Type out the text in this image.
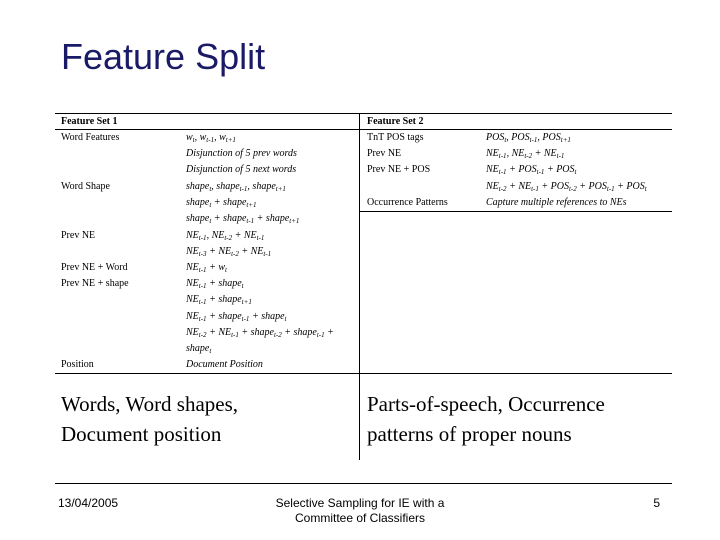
Feature Split
Feature Set 1
Word Features
Word Shape
Prev NE
Prev NE + Word
Prev NE + shape
Position
$w_t$, $w_{t-1}$, $w_{t+1}$
Disjunction of 5 prev words
Disjunction of 5 next words
shape$_t$, shape$_{t-1}$, shape$_{t+1}$
shape$_t$ + shape$_{t+1}$
shape$_t$ + shape$_{t-1}$ + shape$_{t+1}$
$NE_{t-1}$, $NE_{t-2} + NE_{t-1}$
$NE_{t-3} + NE_{t-2} + NE_{t-1}$
$NE_{t-1} + w_t$
$NE_{t-1}$ + shape$_t$
$NE_{t-1}$ + shape$_{t+1}$
$NE_{t-1}$ + shape$_{t-1}$ + shape$_t$
$NE_{t-2} + NE_{t-1}$ + shape$_{t-2}$ + shape$_{t-1}$ +
shape$_t$
Document Position
Feature Set 2
TnT POS tags
Prev NE
Prev NE + POS
Occurrence Patterns
$POS_t$, $POS_{t-1}$, $POS_{t+1}$
$NE_{t-1}$, $NE_{t-2} + NE_{t-1}$
$NE_{t-1} + POS_{t-1} + POS_t$
$NE_{t-2} + NE_{t-1} + POS_{t-2} + POS_{t-1} + POS_t$
Capture multiple references to NEs
Words, Word shapes, Document position
Parts-of-speech, Occurrence patterns of proper nouns
13/04/2005	Selective Sampling for IE with a Committee of Classifiers
5
